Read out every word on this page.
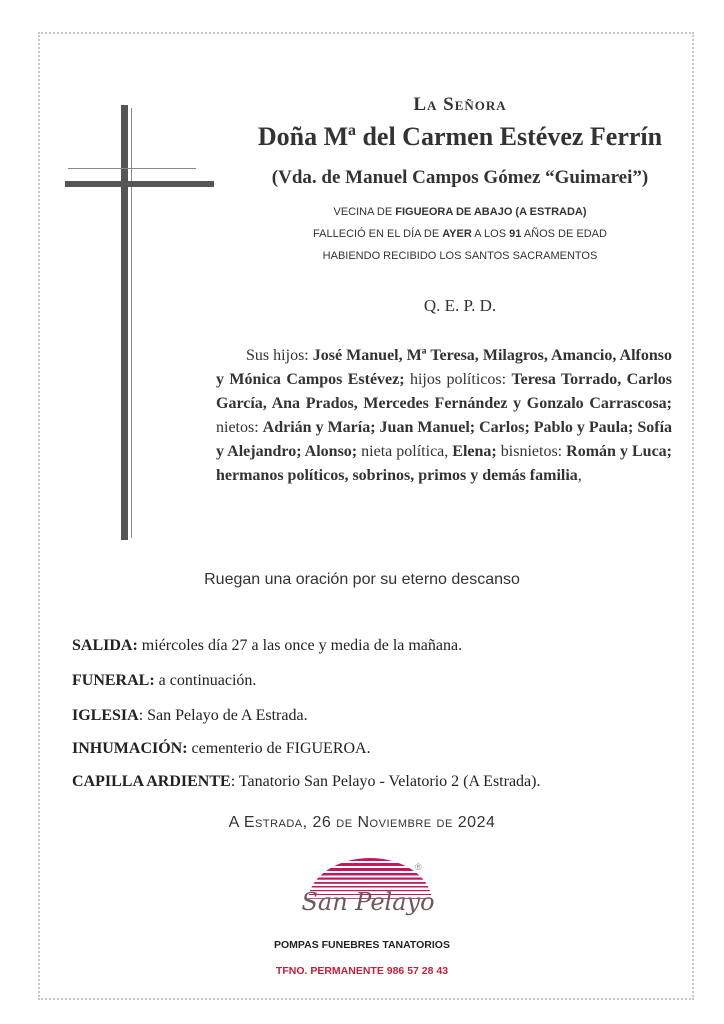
La Señora
Doña Mª del Carmen Estévez Ferrín
(Vda. de Manuel Campos Gómez “Guimarei”)
VECINA DE FIGUEORA DE ABAJO (A ESTRADA)
FALLECIÓ EN EL DÍA DE AYER A LOS 91 AÑOS DE EDAD
HABIENDO RECIBIDO LOS SANTOS SACRAMENTOS
Q. E. P. D.
Sus hijos: José Manuel, Mª Teresa, Milagros, Amancio, Alfonso y Mónica Campos Estévez; hijos políticos: Teresa Torrado, Carlos García, Ana Prados, Mercedes Fernández y Gonzalo Carrascosa; nietos: Adrián y María; Juan Manuel; Carlos; Pablo y Paula; Sofía y Alejandro; Alonso; nieta política, Elena; bisnietos: Román y Luca; hermanos políticos, sobrinos, primos y demás familia,
Ruegan una oración por su eterno descanso
SALIDA: miércoles día 27 a las once y media de la mañana.
FUNERAL: a continuación.
IGLESIA: San Pelayo de A Estrada.
INHUMACIÓN: cementerio de FIGUEROA.
CAPILLA ARDIENTE: Tanatorio San Pelayo - Velatorio 2 (A Estrada).
A Estrada, 26 de Noviembre de 2024
San Pelayo
®
POMPAS FUNEBRES TANATORIOS
TFNO. PERMANENTE 986 57 28 43
